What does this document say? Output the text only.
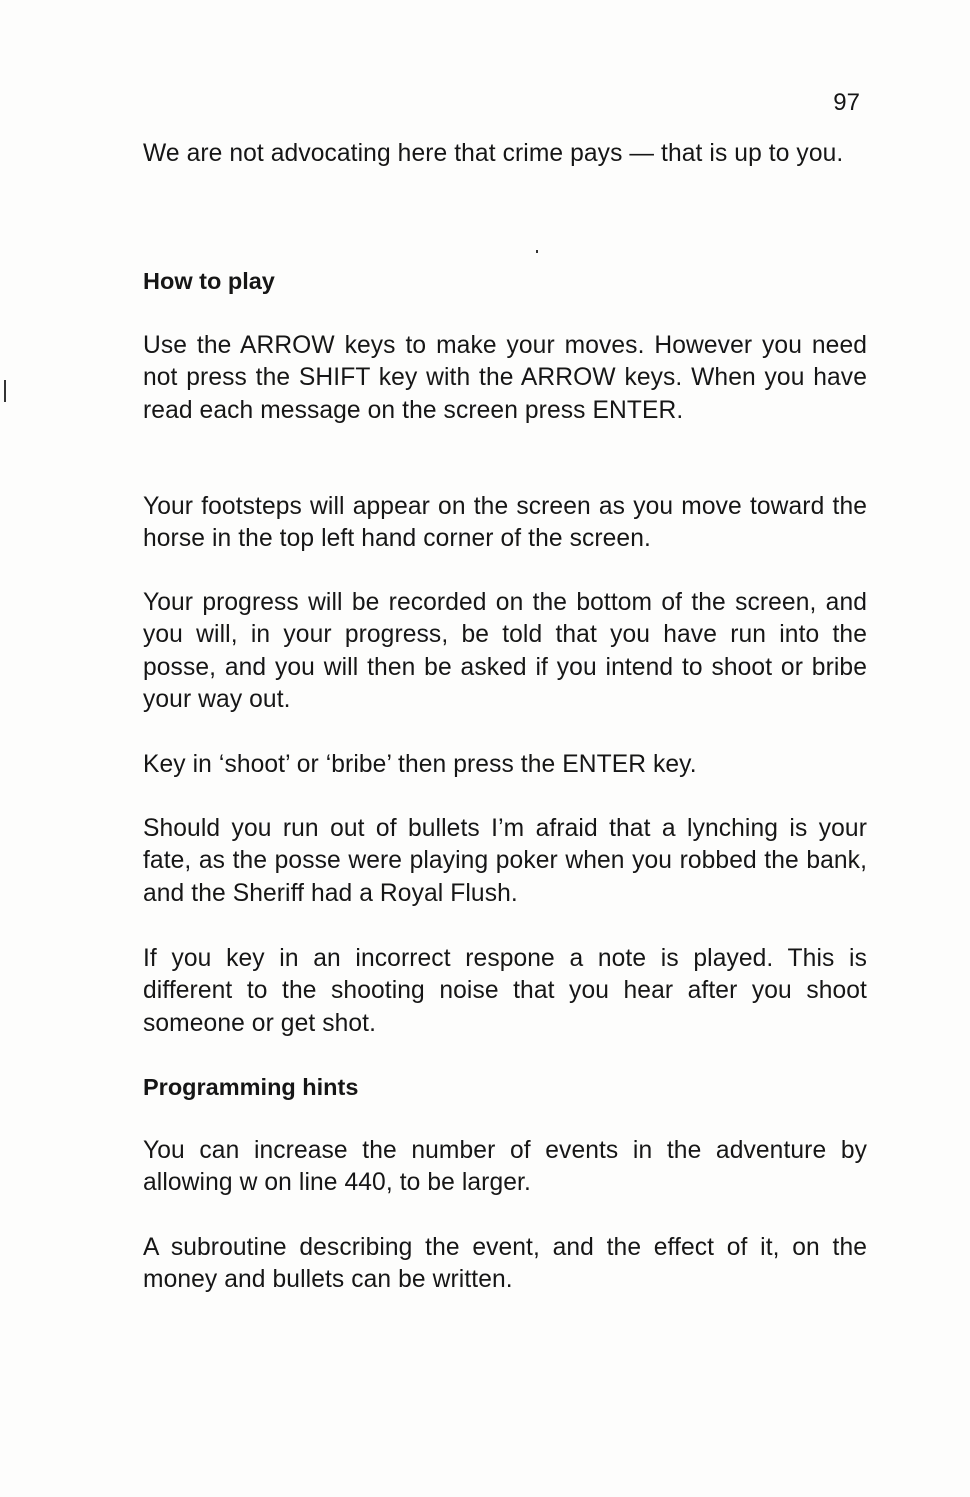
97

We are not advocating here that crime pays — that is up to you.

How to play

Use the ARROW keys to make your moves. However you need not press the SHIFT key with the ARROW keys. When you have read each message on the screen press ENTER.

Your footsteps will appear on the screen as you move toward the horse in the top left hand corner of the screen.

Your progress will be recorded on the bottom of the screen, and you will, in your progress, be told that you have run into the posse, and you will then be asked if you intend to shoot or bribe your way out.

Key in ‘shoot’ or ‘bribe’ then press the ENTER key.

Should you run out of bullets I’m afraid that a lynching is your fate, as the posse were playing poker when you robbed the bank, and the Sheriff had a Royal Flush.

If you key in an incorrect respone a note is played. This is different to the shooting noise that you hear after you shoot someone or get shot.

Programming hints

You can increase the number of events in the adventure by allowing w on line 440, to be larger.

A subroutine describing the event, and the effect of it, on the money and bullets can be written.
